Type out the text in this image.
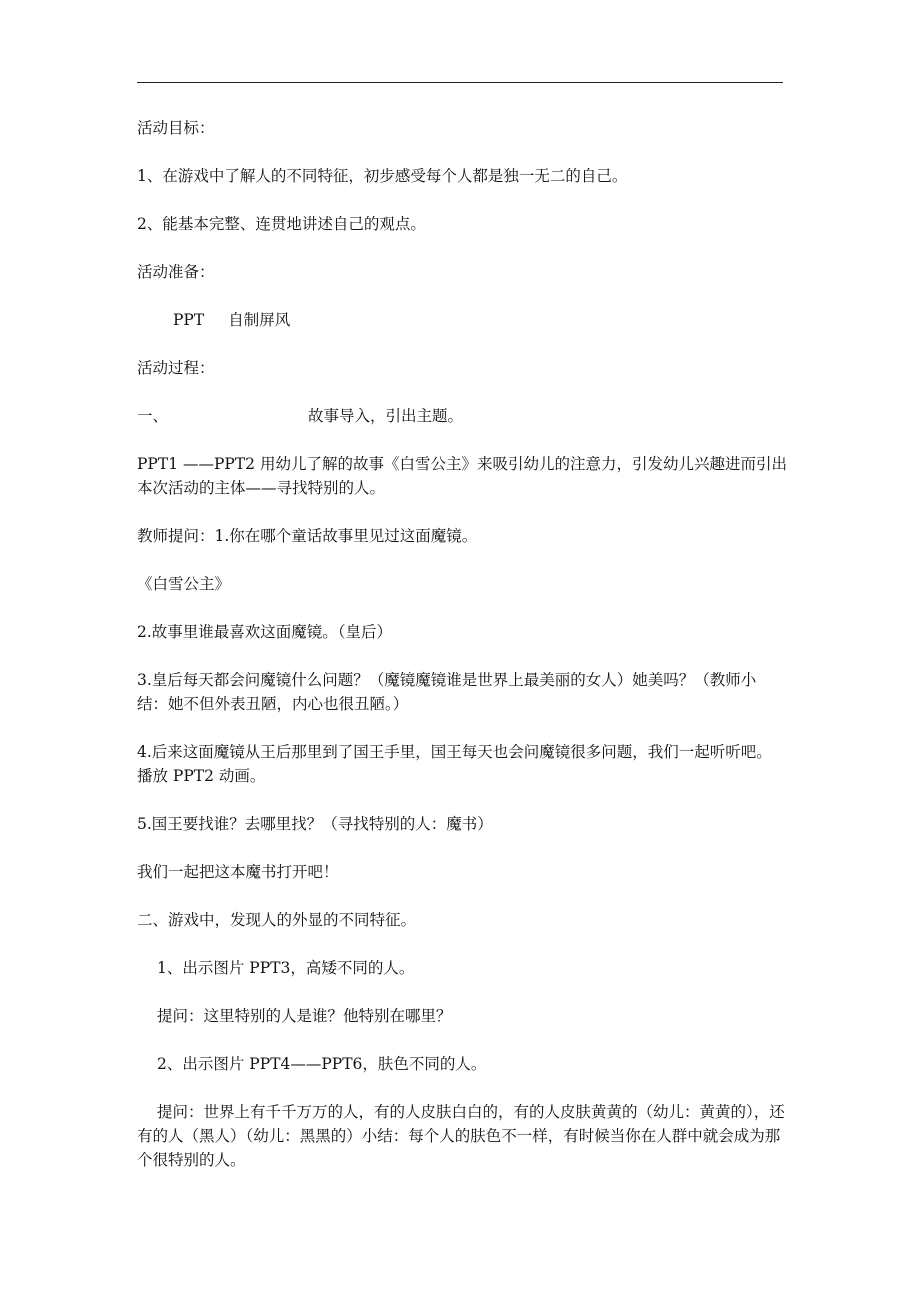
活动目标：

1、在游戏中了解人的不同特征，初步感受每个人都是独一无二的自己。

2、能基本完整、连贯地讲述自己的观点。

活动准备：

PPT 自制屏风

活动过程：

一、	故事导入，引出主题。

PPT1 ——PPT2 用幼儿了解的故事《白雪公主》来吸引幼儿的注意力，引发幼儿兴趣进而引出本次活动的主体——寻找特别的人。

教师提问：1.你在哪个童话故事里见过这面魔镜。

《白雪公主》

2.故事里谁最喜欢这面魔镜。（皇后）

3.皇后每天都会问魔镜什么问题？（魔镜魔镜谁是世界上最美丽的女人）她美吗？（教师小结：她不但外表丑陋，内心也很丑陋。）

4.后来这面魔镜从王后那里到了国王手里，国王每天也会问魔镜很多问题，我们一起听听吧。播放 PPT2 动画。

5.国王要找谁？去哪里找？（寻找特别的人：魔书）

我们一起把这本魔书打开吧！

二、游戏中，发现人的外显的不同特征。

1、出示图片 PPT3，高矮不同的人。

提问：这里特别的人是谁？他特别在哪里？

2、出示图片 PPT4——PPT6，肤色不同的人。

提问：世界上有千千万万的人，有的人皮肤白白的，有的人皮肤黄黄的（幼儿：黄黄的），还有的人（黑人）（幼儿：黑黑的）小结：每个人的肤色不一样，有时候当你在人群中就会成为那个很特别的人。
